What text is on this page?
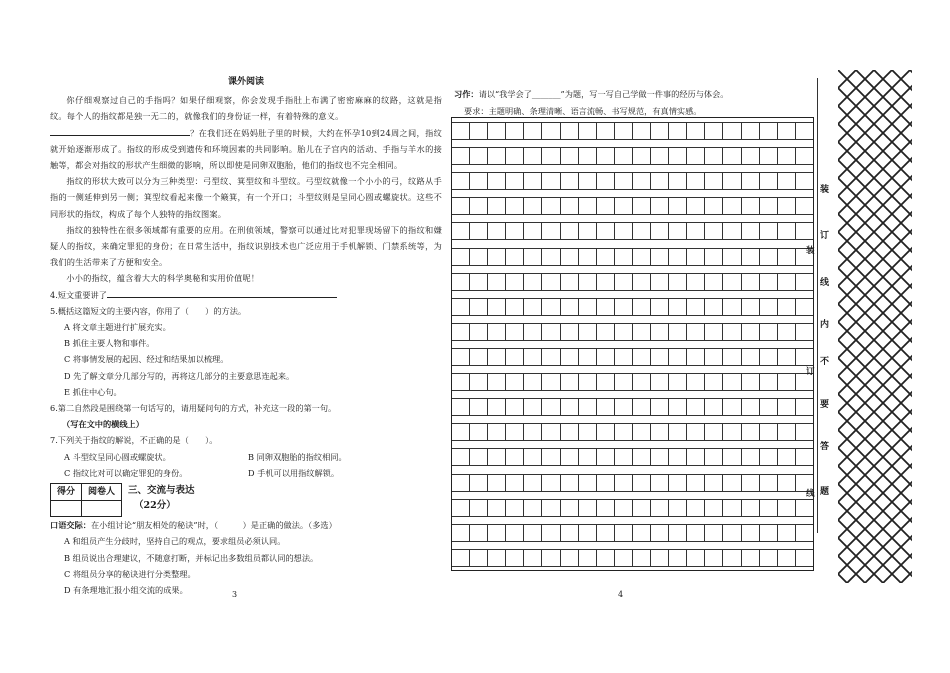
课外阅读

你仔细观察过自己的手指吗？如果仔细观察，你会发现手指肚上布满了密密麻麻的纹路，这就是指纹。每个人的指纹都是独一无二的，就像我们的身份证一样，有着特殊的意义。

？在我们还在妈妈肚子里的时候，大约在怀孕10到24周之间，指纹就开始逐渐形成了。指纹的形成受到遗传和环境因素的共同影响。胎儿在子宫内的活动、手指与羊水的接触等，都会对指纹的形状产生细微的影响，所以即使是同卵双胞胎，他们的指纹也不完全相同。

指纹的形状大致可以分为三种类型：弓型纹、箕型纹和斗型纹。弓型纹就像一个小小的弓，纹路从手指的一侧延伸到另一侧；箕型纹看起来像一个簸箕，有一个开口；斗型纹则是呈同心圆或螺旋状。这些不同形状的指纹，构成了每个人独特的指纹图案。

指纹的独特性在很多领域都有重要的应用。在刑侦领域，警察可以通过比对犯罪现场留下的指纹和嫌疑人的指纹，来确定罪犯的身份；在日常生活中，指纹识别技术也广泛应用于手机解锁、门禁系统等，为我们的生活带来了方便和安全。

小小的指纹，蕴含着大大的科学奥秘和实用价值呢！

4.短文重要讲了
5.概括这篇短文的主要内容，你用了（　　）的方法。
A 将文章主题进行扩展充实。
B 抓住主要人物和事件。
C 将事情发展的起因、经过和结果加以梳理。
D 先了解文章分几部分写的，再将这几部分的主要意思连起来。
E 抓住中心句。
6.第二自然段是围绕第一句话写的，请用疑问句的方式，补充这一段的第一句。
（写在文中的横线上）
7.下列关于指纹的解说，不正确的是（　　）。
A 斗型纹呈同心圆或螺旋状。	B 同卵双胞胎的指纹相同。
C 指纹比对可以确定罪犯的身份。	D 手机可以用指纹解锁。
得分	阅卷人
	三、交流与表达
（22分）
口语交际：在小组讨论“朋友相处的秘诀”时，（　　　）是正确的做法。（多选）
A 和组员产生分歧时，坚持自己的观点，要求组员必须认同。
B 组员说出合理建议，不随意打断，并标记出多数组员都认同的想法。
C 将组员分享的秘诀进行分类整理。
D 有条理地汇报小组交流的成果。	3
习作：请以“我学会了_______”为题，写一写自己学做一件事的经历与体会。
要求：主题明确、条理清晰、语言流畅、书写规范，有真情实感。
4
装
订
线
内
不
要
答
题
装
订
线
